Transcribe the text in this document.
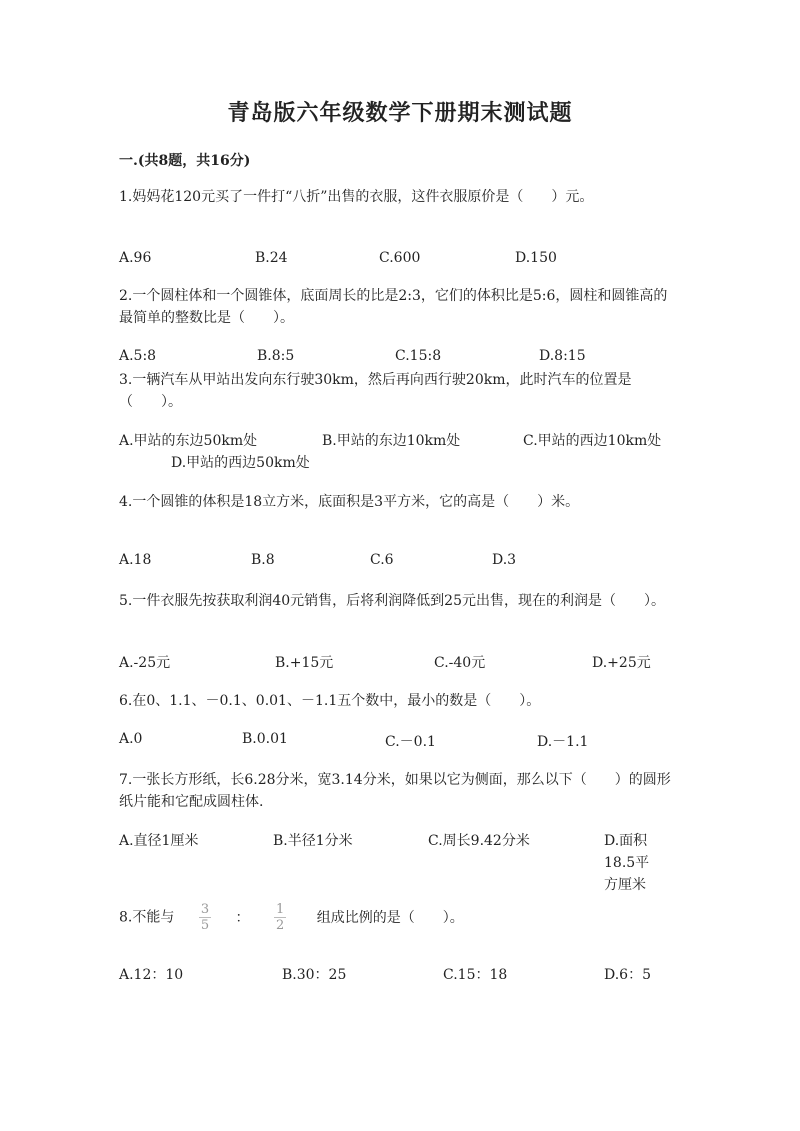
青岛版六年级数学下册期末测试题
一.(共8题，共16分)
1.妈妈花120元买了一件打“八折”出售的衣服，这件衣服原价是（　　）元。
A.96	B.24	C.600	D.150
2.一个圆柱体和一个圆锥体，底面周长的比是2:3，它们的体积比是5:6，圆柱和圆锥高的最简单的整数比是（　　）。
A.5:8	B.8:5	C.15:8	D.8:15
3.一辆汽车从甲站出发向东行驶30km，然后再向西行驶20km，此时汽车的位置是（　　）。
A.甲站的东边50km处	B.甲站的东边10km处	C.甲站的西边10km处
D.甲站的西边50km处
4.一个圆锥的体积是18立方米，底面积是3平方米，它的高是（　　）米。
A.18	B.8	C.6	D.3
5.一件衣服先按获取利润40元销售，后将利润降低到25元出售，现在的利润是（　　）。
A.-25元	B.+15元	C.-40元	D.+25元
6.在0、1.1、－0.1、0.01、－1.1五个数中，最小的数是（　　）。
A.0	B.0.01	C.－0.1	D.－1.1
7.一张长方形纸，长6.28分米，宽3.14分米，如果以它为侧面，那么以下（　　）的圆形纸片能和它配成圆柱体.
A.直径1厘米	B.半径1分米	C.周长9.42分米	D.面积18.5平方厘米
8.不能与 $\frac{3}{5}$ ： $\frac{1}{2}$ 组成比例的是（　　）。
A.12：10	B.30：25	C.15：18	D.6：5
